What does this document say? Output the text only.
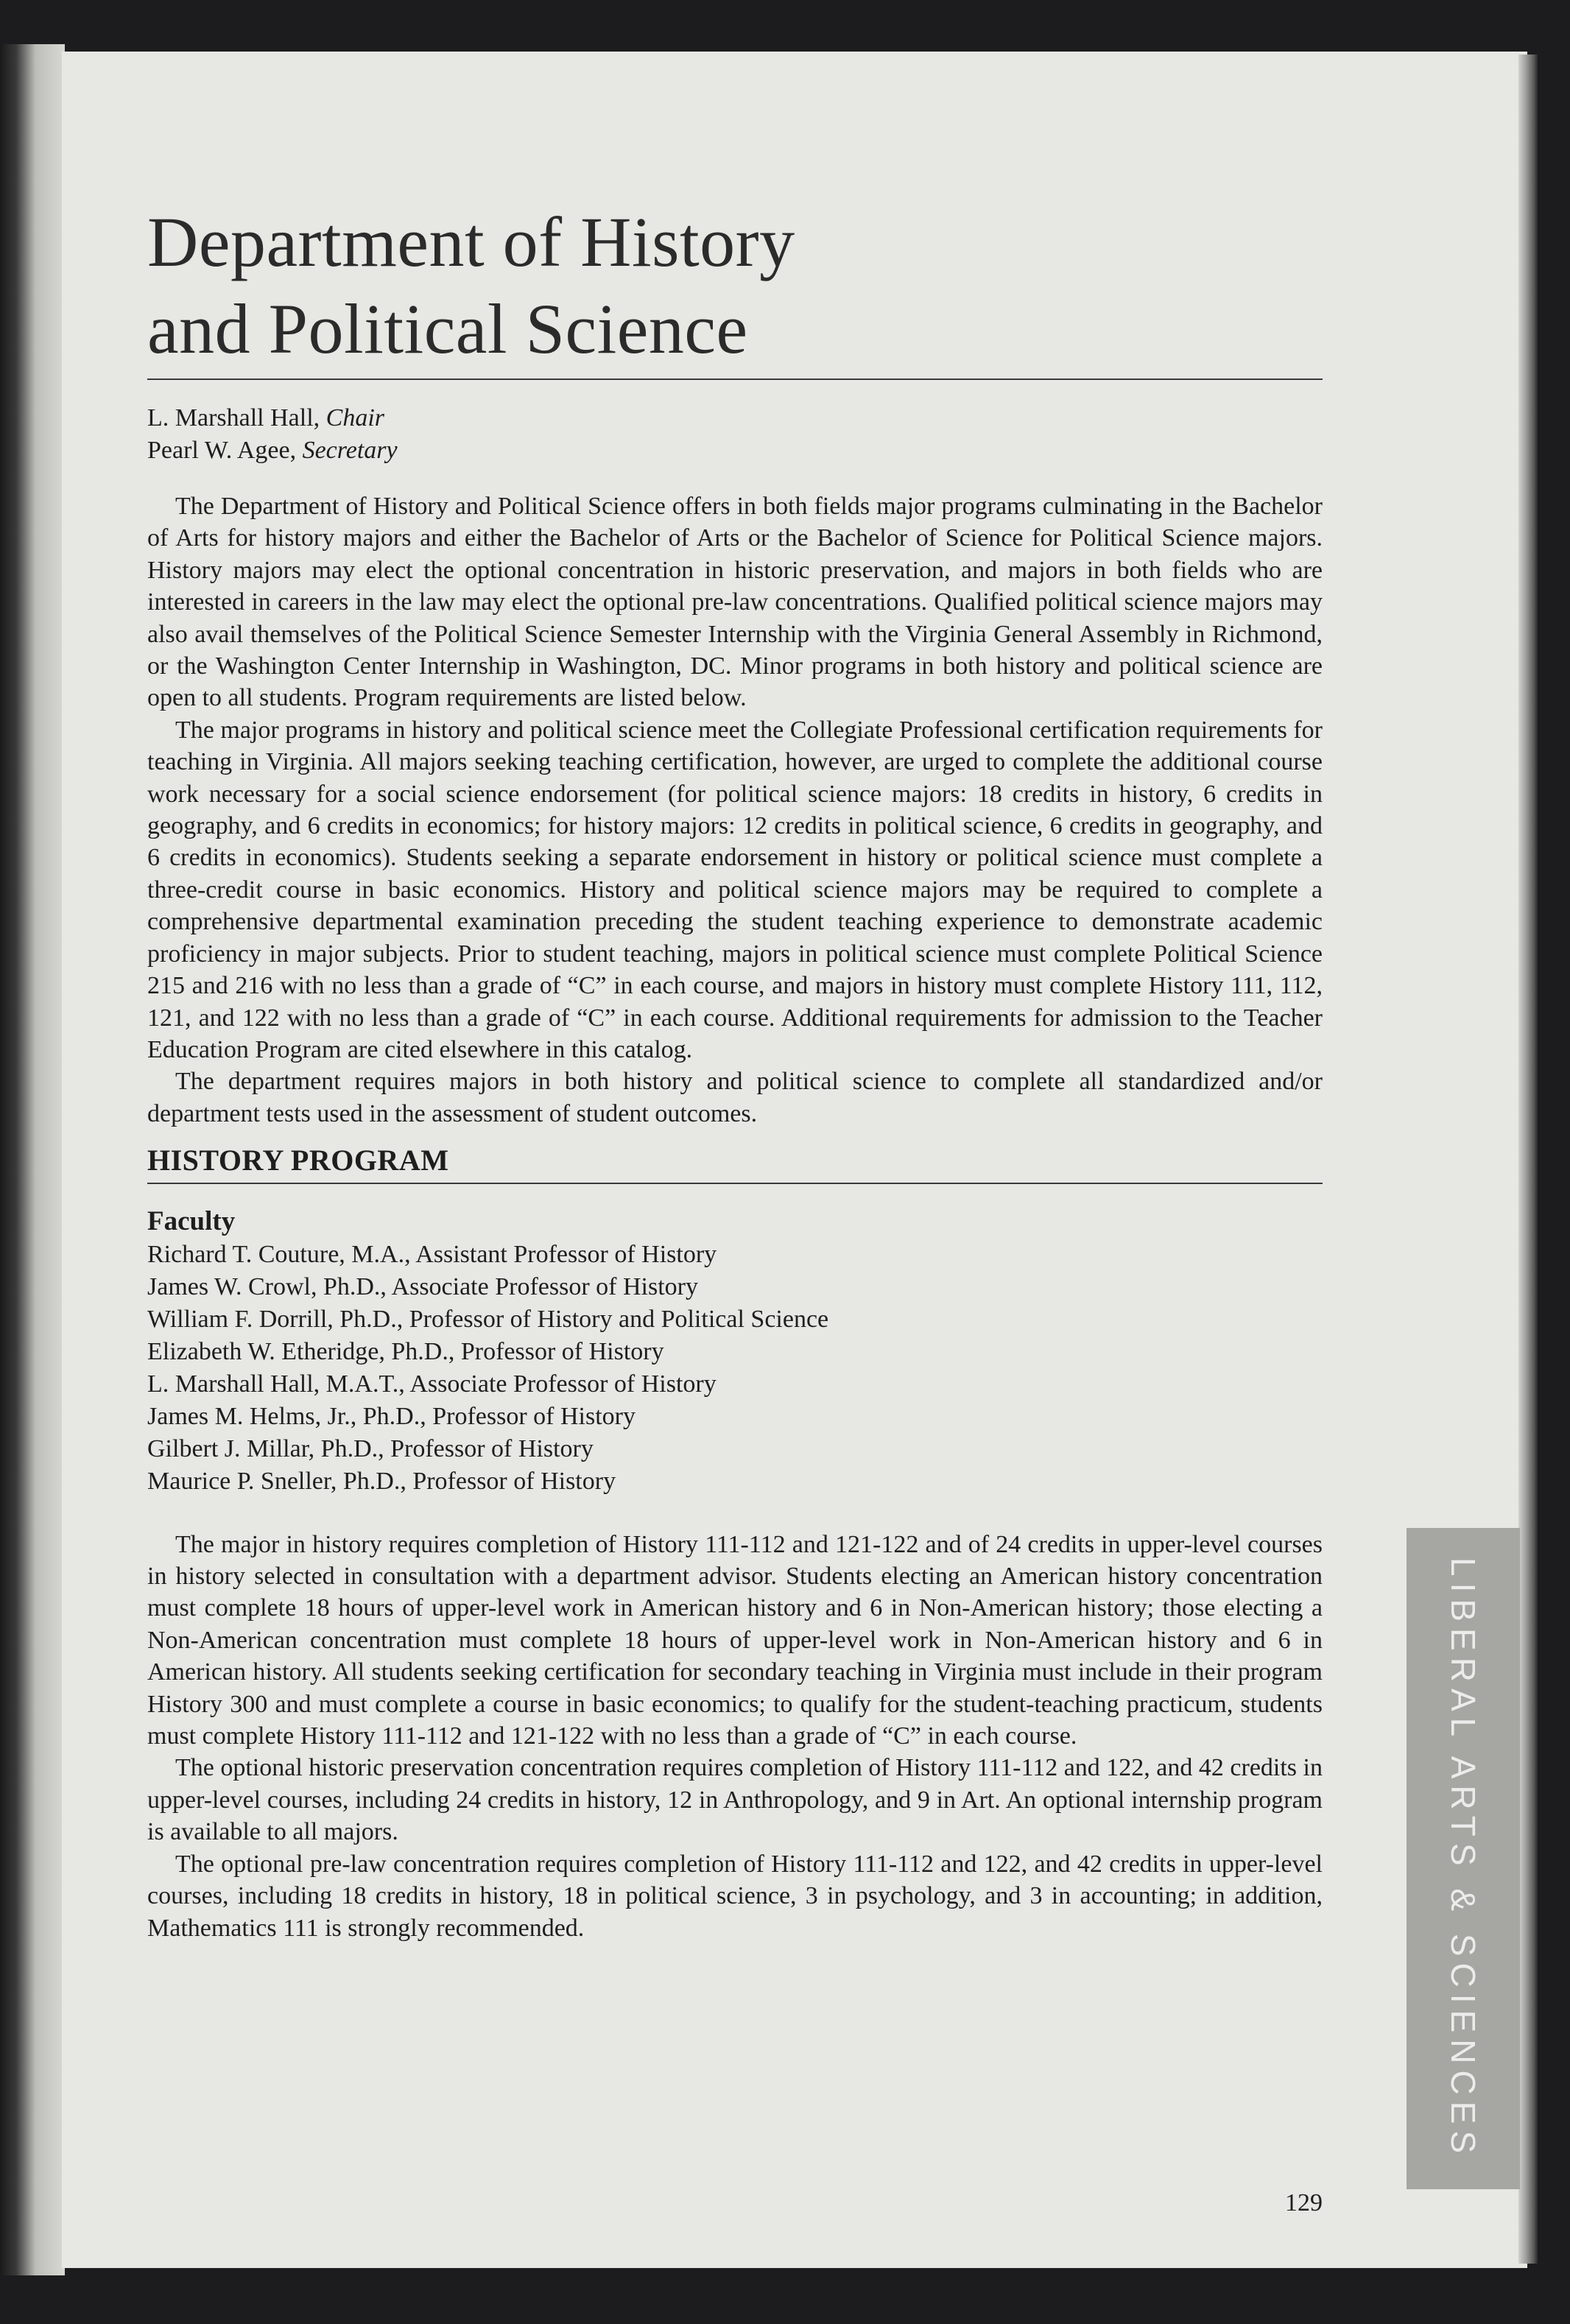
Department of History
and Political Science
L. Marshall Hall, Chair
Pearl W. Agee, Secretary

The Department of History and Political Science offers in both fields major programs culminating in the Bachelor of Arts for history majors and either the Bachelor of Arts or the Bachelor of Science for Political Science majors. History majors may elect the optional concentration in historic preservation, and majors in both fields who are interested in careers in the law may elect the optional pre-law concentrations. Qualified political science majors may also avail themselves of the Political Science Semester Internship with the Virginia General Assembly in Richmond, or the Washington Center Internship in Washington, DC. Minor programs in both history and political science are open to all students. Program requirements are listed below.

The major programs in history and political science meet the Collegiate Professional certification requirements for teaching in Virginia. All majors seeking teaching certification, however, are urged to complete the additional course work necessary for a social science endorsement (for political science majors: 18 credits in history, 6 credits in geography, and 6 credits in economics; for history majors: 12 credits in political science, 6 credits in geography, and 6 credits in economics). Students seeking a separate endorsement in history or political science must complete a three-credit course in basic economics. History and political science majors may be required to complete a comprehensive departmental examination preceding the student teaching experience to demonstrate academic proficiency in major subjects. Prior to student teaching, majors in political science must complete Political Science 215 and 216 with no less than a grade of “C” in each course, and majors in history must complete History 111, 112, 121, and 122 with no less than a grade of “C” in each course. Additional requirements for admission to the Teacher Education Program are cited elsewhere in this catalog.

The department requires majors in both history and political science to complete all standardized and/or department tests used in the assessment of student outcomes.

HISTORY PROGRAM
Faculty
Richard T. Couture, M.A., Assistant Professor of History
James W. Crowl, Ph.D., Associate Professor of History
William F. Dorrill, Ph.D., Professor of History and Political Science
Elizabeth W. Etheridge, Ph.D., Professor of History
L. Marshall Hall, M.A.T., Associate Professor of History
James M. Helms, Jr., Ph.D., Professor of History
Gilbert J. Millar, Ph.D., Professor of History
Maurice P. Sneller, Ph.D., Professor of History

The major in history requires completion of History 111-112 and 121-122 and of 24 credits in upper-level courses in history selected in consultation with a department advisor. Students electing an American history concentration must complete 18 hours of upper-level work in American history and 6 in Non-American history; those electing a Non-American concentration must complete 18 hours of upper-level work in Non-American history and 6 in American history. All students seeking certification for secondary teaching in Virginia must include in their program History 300 and must complete a course in basic economics; to qualify for the student-teaching practicum, students must complete History 111-112 and 121-122 with no less than a grade of “C” in each course.

The optional historic preservation concentration requires completion of History 111-112 and 122, and 42 credits in upper-level courses, including 24 credits in history, 12 in Anthropology, and 9 in Art. An optional internship program is available to all majors.

The optional pre-law concentration requires completion of History 111-112 and 122, and 42 credits in upper-level courses, including 18 credits in history, 18 in political science, 3 in psychology, and 3 in accounting; in addition, Mathematics 111 is strongly recommended.

129
LIBERAL ARTS & SCIENCES
